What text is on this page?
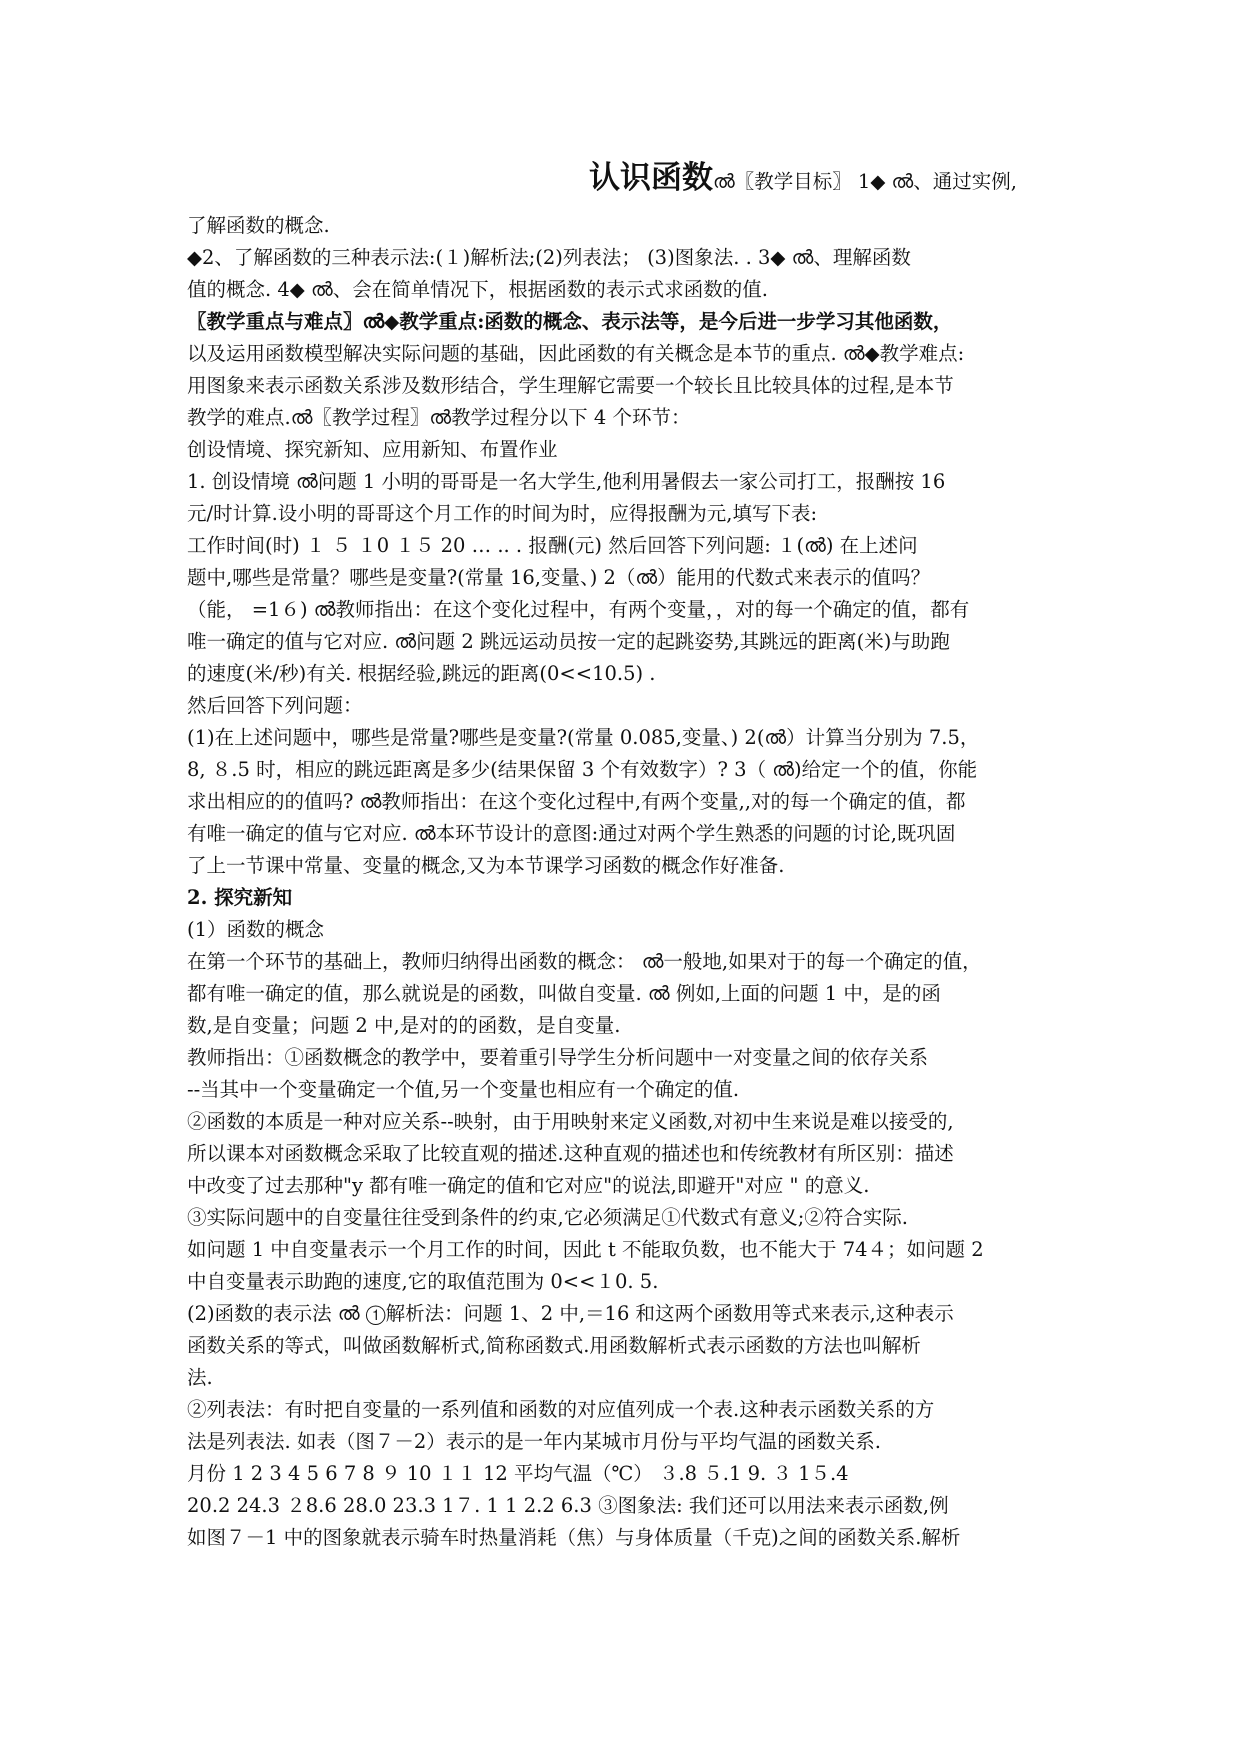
认识函数ൽ〖教学目标〗 1◆ ൽ、通过实例,
了解函数的概念.
◆2、了解函数的三种表示法:(１)解析法;(2)列表法； (3)图象法. . 3◆ ൽ、理解函数
值的概念. 4◆ ൽ、会在简单情况下，根据函数的表示式求函数的值.
〖教学重点与难点〗ൽ◆教学重点:函数的概念、表示法等，是今后进一步学习其他函数，
以及运用函数模型解决实际问题的基础，因此函数的有关概念是本节的重点. ൽ◆教学难点:
用图象来表示函数关系涉及数形结合，学生理解它需要一个较长且比较具体的过程,是本节
教学的难点.ൽ〖教学过程〗ൽ教学过程分以下 4 个环节：
创设情境、探究新知、应用新知、布置作业
1. 创设情境 ൽ问题 1 小明的哥哥是一名大学生,他利用暑假去一家公司打工，报酬按 16
元/时计算.设小明的哥哥这个月工作的时间为时，应得报酬为元,填写下表:
工作时间(时) １ ５ １0 １５ 20 … .. . 报酬(元) 然后回答下列问题: １(ൽ) 在上述问
题中,哪些是常量？哪些是变量?(常量 16,变量、) 2（ൽ）能用的代数式来表示的值吗？
（能， =1６) ൽ教师指出：在这个变化过程中，有两个变量，，对的每一个确定的值，都有
唯一确定的值与它对应. ൽ问题 2 跳远运动员按一定的起跳姿势,其跳远的距离(米)与助跑
的速度(米/秒)有关. 根据经验,跳远的距离(0<<10.5) .
然后回答下列问题：
(1)在上述问题中，哪些是常量?哪些是变量?(常量 0.085,变量、) 2(ൽ）计算当分别为 7.5，
8, ８.5 时，相应的跳远距离是多少(结果保留 3 个有效数字）? 3（ ൽ)给定一个的值，你能
求出相应的的值吗? ൽ教师指出：在这个变化过程中,有两个变量,,对的每一个确定的值，都
有唯一确定的值与它对应. ൽ本环节设计的意图:通过对两个学生熟悉的问题的讨论,既巩固
了上一节课中常量、变量的概念,又为本节课学习函数的概念作好准备.
2. 探究新知
(1）函数的概念
在第一个环节的基础上，教师归纳得出函数的概念： ൽ一般地,如果对于的每一个确定的值，
都有唯一确定的值，那么就说是的函数，叫做自变量. ൽ 例如,上面的问题 1 中，是的函
数,是自变量；问题 2 中,是对的的函数，是自变量.
教师指出：①函数概念的教学中，要着重引导学生分析问题中一对变量之间的依存关系
--当其中一个变量确定一个值,另一个变量也相应有一个确定的值.
②函数的本质是一种对应关系--映射，由于用映射来定义函数,对初中生来说是难以接受的,
所以课本对函数概念采取了比较直观的描述.这种直观的描述也和传统教材有所区别：描述
中改变了过去那种"y 都有唯一确定的值和它对应"的说法,即避开"对应 " 的意义.
③实际问题中的自变量往往受到条件的约束,它必须满足①代数式有意义;②符合实际.
如问题 1 中自变量表示一个月工作的时间，因此 t 不能取负数，也不能大于 74４；如问题 2
中自变量表示助跑的速度,它的取值范围为 0<<１0. 5.
(2)函数的表示法 ൽ ①解析法：问题 1、2 中,＝16 和这两个函数用等式来表示,这种表示
函数关系的等式，叫做函数解析式,简称函数式.用函数解析式表示函数的方法也叫解析
法.
②列表法：有时把自变量的一系列值和函数的对应值列成一个表.这种表示函数关系的方
法是列表法. 如表（图７－2）表示的是一年内某城市月份与平均气温的函数关系.
月份 1 2 3 4 5 6 7 8 ９ 10 １１ 12 平均气温（℃） ３.8 ５.1 9. ３ 1５.4
20.2 24.3 ２8.6 28.0 23.3 1７. 1 1 2.2 6.3 ③图象法: 我们还可以用法来表示函数,例
如图７－1 中的图象就表示骑车时热量消耗（焦）与身体质量（千克)之间的函数关系.解析
